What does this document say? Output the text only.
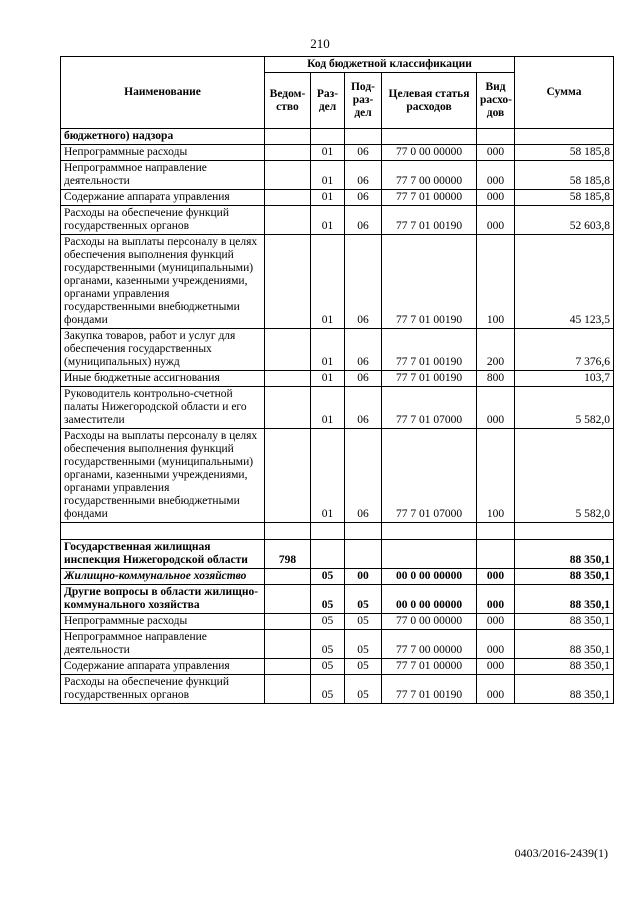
210
Наименование	Код бюджетной классификации					Сумма
	Ведом-ство	Раз-дел	Под-раз-дел	Целевая статья расходов	Вид расхо-дов	
бюджетного) надзора						
Непрограммные расходы		01	06	77 0 00 00000	000	58 185,8
Непрограммное направление деятельности		01	06	77 7 00 00000	000	58 185,8
Содержание аппарата управления		01	06	77 7 01 00000	000	58 185,8
Расходы на обеспечение функций государственных органов		01	06	77 7 01 00190	000	52 603,8
Расходы на выплаты персоналу в целях обеспечения выполнения функций государственными (муниципальными) органами, казенными учреждениями, органами управления государственными внебюджетными фондами		01	06	77 7 01 00190	100	45 123,5
Закупка товаров, работ и услуг для обеспечения государственных (муниципальных) нужд		01	06	77 7 01 00190	200	7 376,6
Иные бюджетные ассигнования		01	06	77 7 01 00190	800	103,7
Руководитель контрольно-счетной палаты Нижегородской области и его заместители		01	06	77 7 01 07000	000	5 582,0
Расходы на выплаты персоналу в целях обеспечения выполнения функций государственными (муниципальными) органами, казенными учреждениями, органами управления государственными внебюджетными фондами		01	06	77 7 01 07000	100	5 582,0

Государственная жилищная инспекция Нижегородской области	798					88 350,1
Жилищно-коммунальное хозяйство		05	00	00 0 00 00000	000	88 350,1
Другие вопросы в области жилищно-коммунального хозяйства		05	05	00 0 00 00000	000	88 350,1
Непрограммные расходы		05	05	77 0 00 00000	000	88 350,1
Непрограммное направление деятельности		05	05	77 7 00 00000	000	88 350,1
Содержание аппарата управления		05	05	77 7 01 00000	000	88 350,1
Расходы на обеспечение функций государственных органов		05	05	77 7 01 00190	000	88 350,1
0403/2016-2439(1)
